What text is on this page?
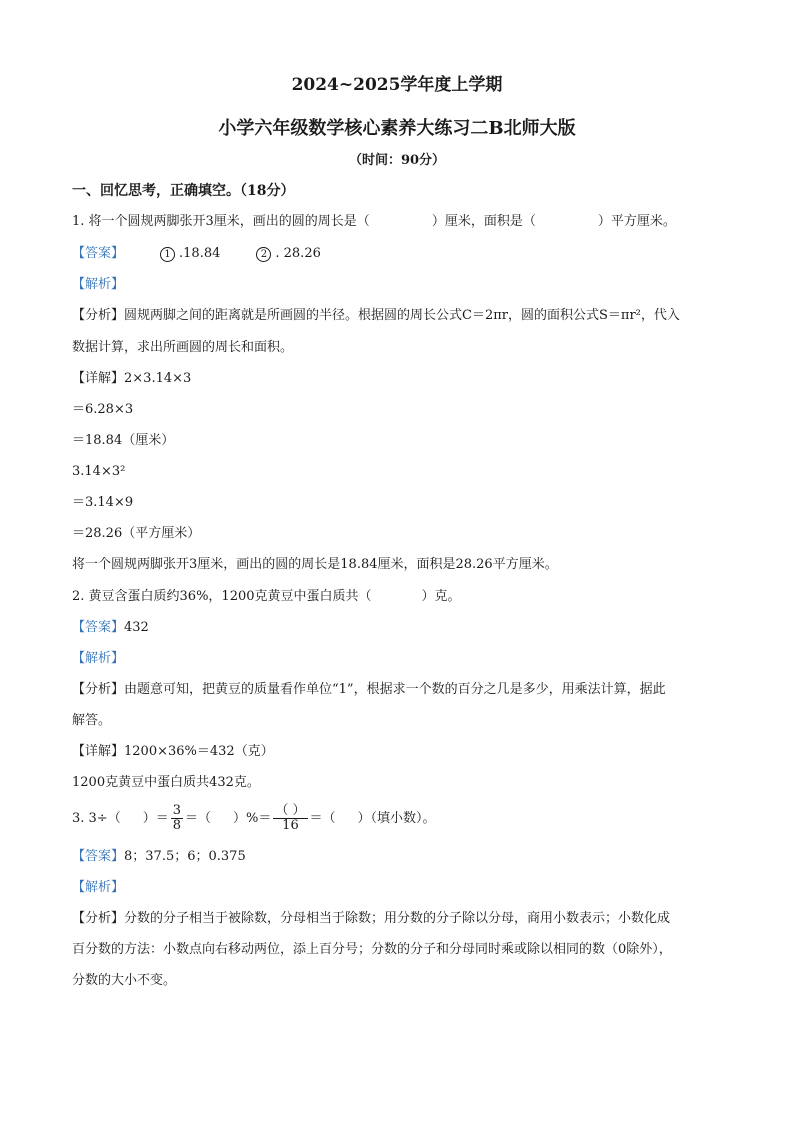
2024~2025学年度上学期
小学六年级数学核心素养大练习二B北师大版
（时间：90分）
一、回忆思考，正确填空。（18分）
1. 将一个圆规两脚张开3厘米，画出的圆的周长是（	）厘米，面积是（	）平方厘米。
【答案】	1 .18.84	2 . 28.26
【解析】
【分析】圆规两脚之间的距离就是所画圆的半径。根据圆的周长公式C＝2πr，圆的面积公式S＝πr²，代入
数据计算，求出所画圆的周长和面积。
【详解】2×3.14×3
＝6.28×3
＝18.84（厘米）
3.14×3²
＝3.14×9
＝28.26（平方厘米）
将一个圆规两脚张开3厘米，画出的圆的周长是18.84厘米，面积是28.26平方厘米。
2. 黄豆含蛋白质约36%，1200克黄豆中蛋白质共（	）克。
【答案】432
【解析】
【分析】由题意可知，把黄豆的质量看作单位“1”，根据求一个数的百分之几是多少，用乘法计算，据此
解答。
【详解】1200×36%＝432（克）
1200克黄豆中蛋白质共432克。
3. 3÷（ ）＝ $\frac{3}{8}$ ＝（ ）%＝ $\frac{( )}{16}$ ＝（ ）（填小数）。
【答案】8；37.5；6；0.375
【解析】
【分析】分数的分子相当于被除数，分母相当于除数；用分数的分子除以分母，商用小数表示；小数化成
百分数的方法：小数点向右移动两位，添上百分号；分数的分子和分母同时乘或除以相同的数（0除外），
分数的大小不变。
